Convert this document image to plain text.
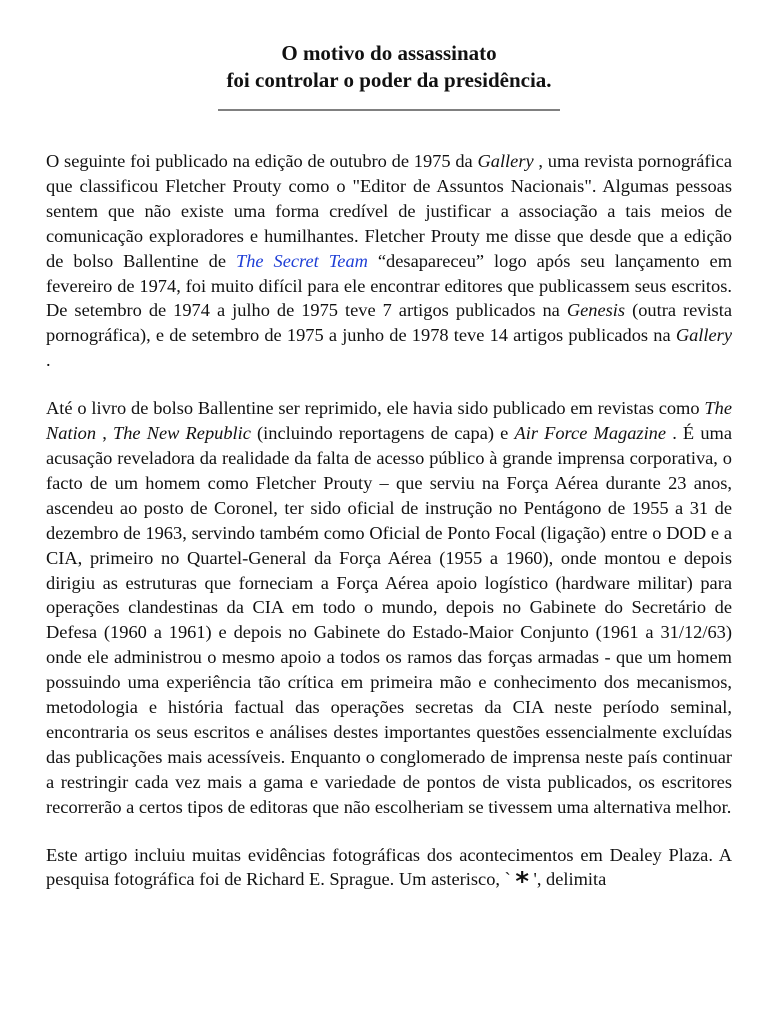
O motivo do assassinato
foi controlar o poder da presidência.

O seguinte foi publicado na edição de outubro de 1975 da Gallery , uma revista pornográfica que classificou Fletcher Prouty como o "Editor de Assuntos Nacionais". Algumas pessoas sentem que não existe uma forma credível de justificar a associação a tais meios de comunicação exploradores e humilhantes. Fletcher Prouty me disse que desde que a edição de bolso Ballentine de The Secret Team “desapareceu” logo após seu lançamento em fevereiro de 1974, foi muito difícil para ele encontrar editores que publicassem seus escritos. De setembro de 1974 a julho de 1975 teve 7 artigos publicados na Genesis (outra revista pornográfica), e de setembro de 1975 a junho de 1978 teve 14 artigos publicados na Gallery .

Até o livro de bolso Ballentine ser reprimido, ele havia sido publicado em revistas como The Nation , The New Republic (incluindo reportagens de capa) e Air Force Magazine . É uma acusação reveladora da realidade da falta de acesso público à grande imprensa corporativa, o facto de um homem como Fletcher Prouty – que serviu na Força Aérea durante 23 anos, ascendeu ao posto de Coronel, ter sido oficial de instrução no Pentágono de 1955 a 31 de dezembro de 1963, servindo também como Oficial de Ponto Focal (ligação) entre o DOD e a CIA, primeiro no Quartel-General da Força Aérea (1955 a 1960), onde montou e depois dirigiu as estruturas que forneciam a Força Aérea apoio logístico (hardware militar) para operações clandestinas da CIA em todo o mundo, depois no Gabinete do Secretário de Defesa (1960 a 1961) e depois no Gabinete do Estado-Maior Conjunto (1961 a 31/12/63) onde ele administrou o mesmo apoio a todos os ramos das forças armadas - que um homem possuindo uma experiência tão crítica em primeira mão e conhecimento dos mecanismos, metodologia e história factual das operações secretas da CIA neste período seminal, encontraria os seus escritos e análises destes importantes questões essencialmente excluídas das publicações mais acessíveis. Enquanto o conglomerado de imprensa neste país continuar a restringir cada vez mais a gama e variedade de pontos de vista publicados, os escritores recorrerão a certos tipos de editoras que não escolheriam se tivessem uma alternativa melhor.

Este artigo incluiu muitas evidências fotográficas dos acontecimentos em Dealey Plaza. A pesquisa fotográfica foi de Richard E. Sprague. Um asterisco, ` * ', delimita
